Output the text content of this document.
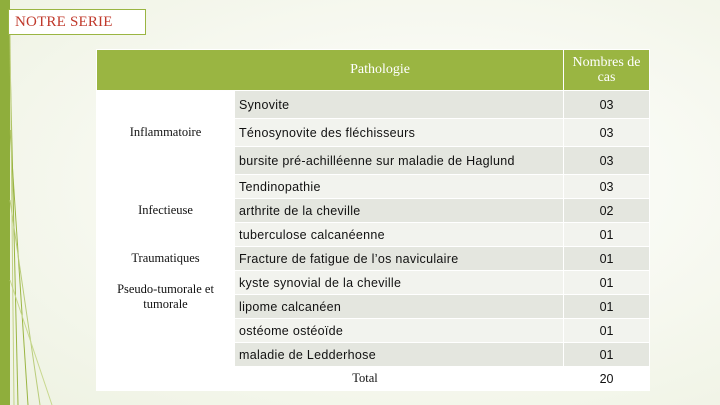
NOTRE SERIE
Pathologie		Nombres de cas
Inflammatoire	Synovite	03
	Ténosynovite des fléchisseurs	03
	bursite pré-achilléenne sur maladie de Haglund	03
Infectieuse	Tendinopathie	03
	arthrite de la cheville	02
	tuberculose calcanéenne	01
Traumatiques	Fracture de fatigue de l’os naviculaire	01

Pseudo-tumorale et tumorale	kyste synovial de la cheville	01
	lipome calcanéen	01
	ostéome ostéoïde	01
	maladie de Ledderhose	01
Total		20
